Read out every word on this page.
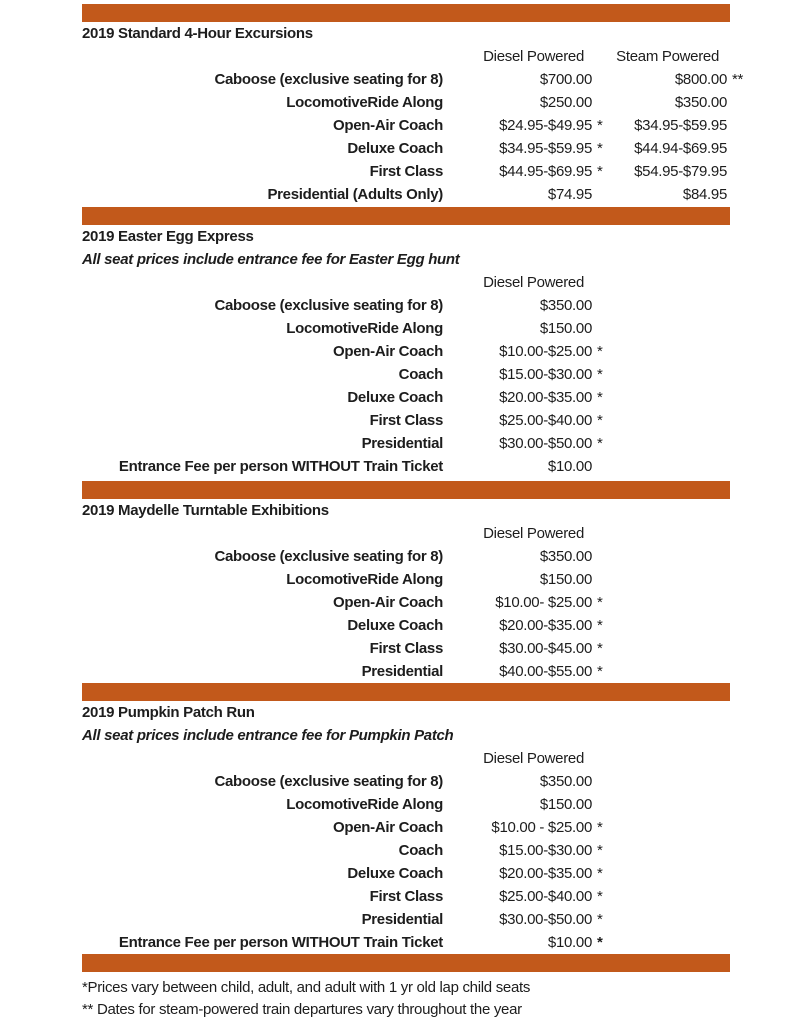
2019 Standard 4-Hour Excursions
Diesel Powered	Steam Powered
Caboose (exclusive seating for 8)	$700.00	$800.00 **
LocomotiveRide Along	$250.00	$350.00
Open-Air Coach	$24.95-$49.95 *	$34.95-$59.95
Deluxe Coach	$34.95-$59.95 *	$44.94-$69.95
First Class	$44.95-$69.95 *	$54.95-$79.95
Presidential (Adults Only)	$74.95	$84.95
2019 Easter Egg Express
All seat prices include entrance fee for Easter Egg hunt
Diesel Powered
Caboose (exclusive seating for 8)	$350.00
LocomotiveRide Along	$150.00
Open-Air Coach	$10.00-$25.00 *
Coach	$15.00-$30.00 *
Deluxe Coach	$20.00-$35.00 *
First Class	$25.00-$40.00 *
Presidential	$30.00-$50.00 *
Entrance Fee per person WITHOUT Train Ticket	$10.00
2019 Maydelle Turntable Exhibitions
Diesel Powered
Caboose (exclusive seating for 8)	$350.00
LocomotiveRide Along	$150.00
Open-Air Coach	$10.00- $25.00 *
Deluxe Coach	$20.00-$35.00 *
First Class	$30.00-$45.00 *
Presidential	$40.00-$55.00 *
2019 Pumpkin Patch Run
All seat prices include entrance fee for Pumpkin Patch
Diesel Powered
Caboose (exclusive seating for 8)	$350.00
LocomotiveRide Along	$150.00
Open-Air Coach	$10.00 - $25.00 *
Coach	$15.00-$30.00 *
Deluxe Coach	$20.00-$35.00 *
First Class	$25.00-$40.00 *
Presidential	$30.00-$50.00 *
Entrance Fee per person WITHOUT Train Ticket	$10.00 *
*Prices vary between child, adult, and adult with 1 yr old lap child seats
** Dates for steam-powered train departures vary throughout the year
